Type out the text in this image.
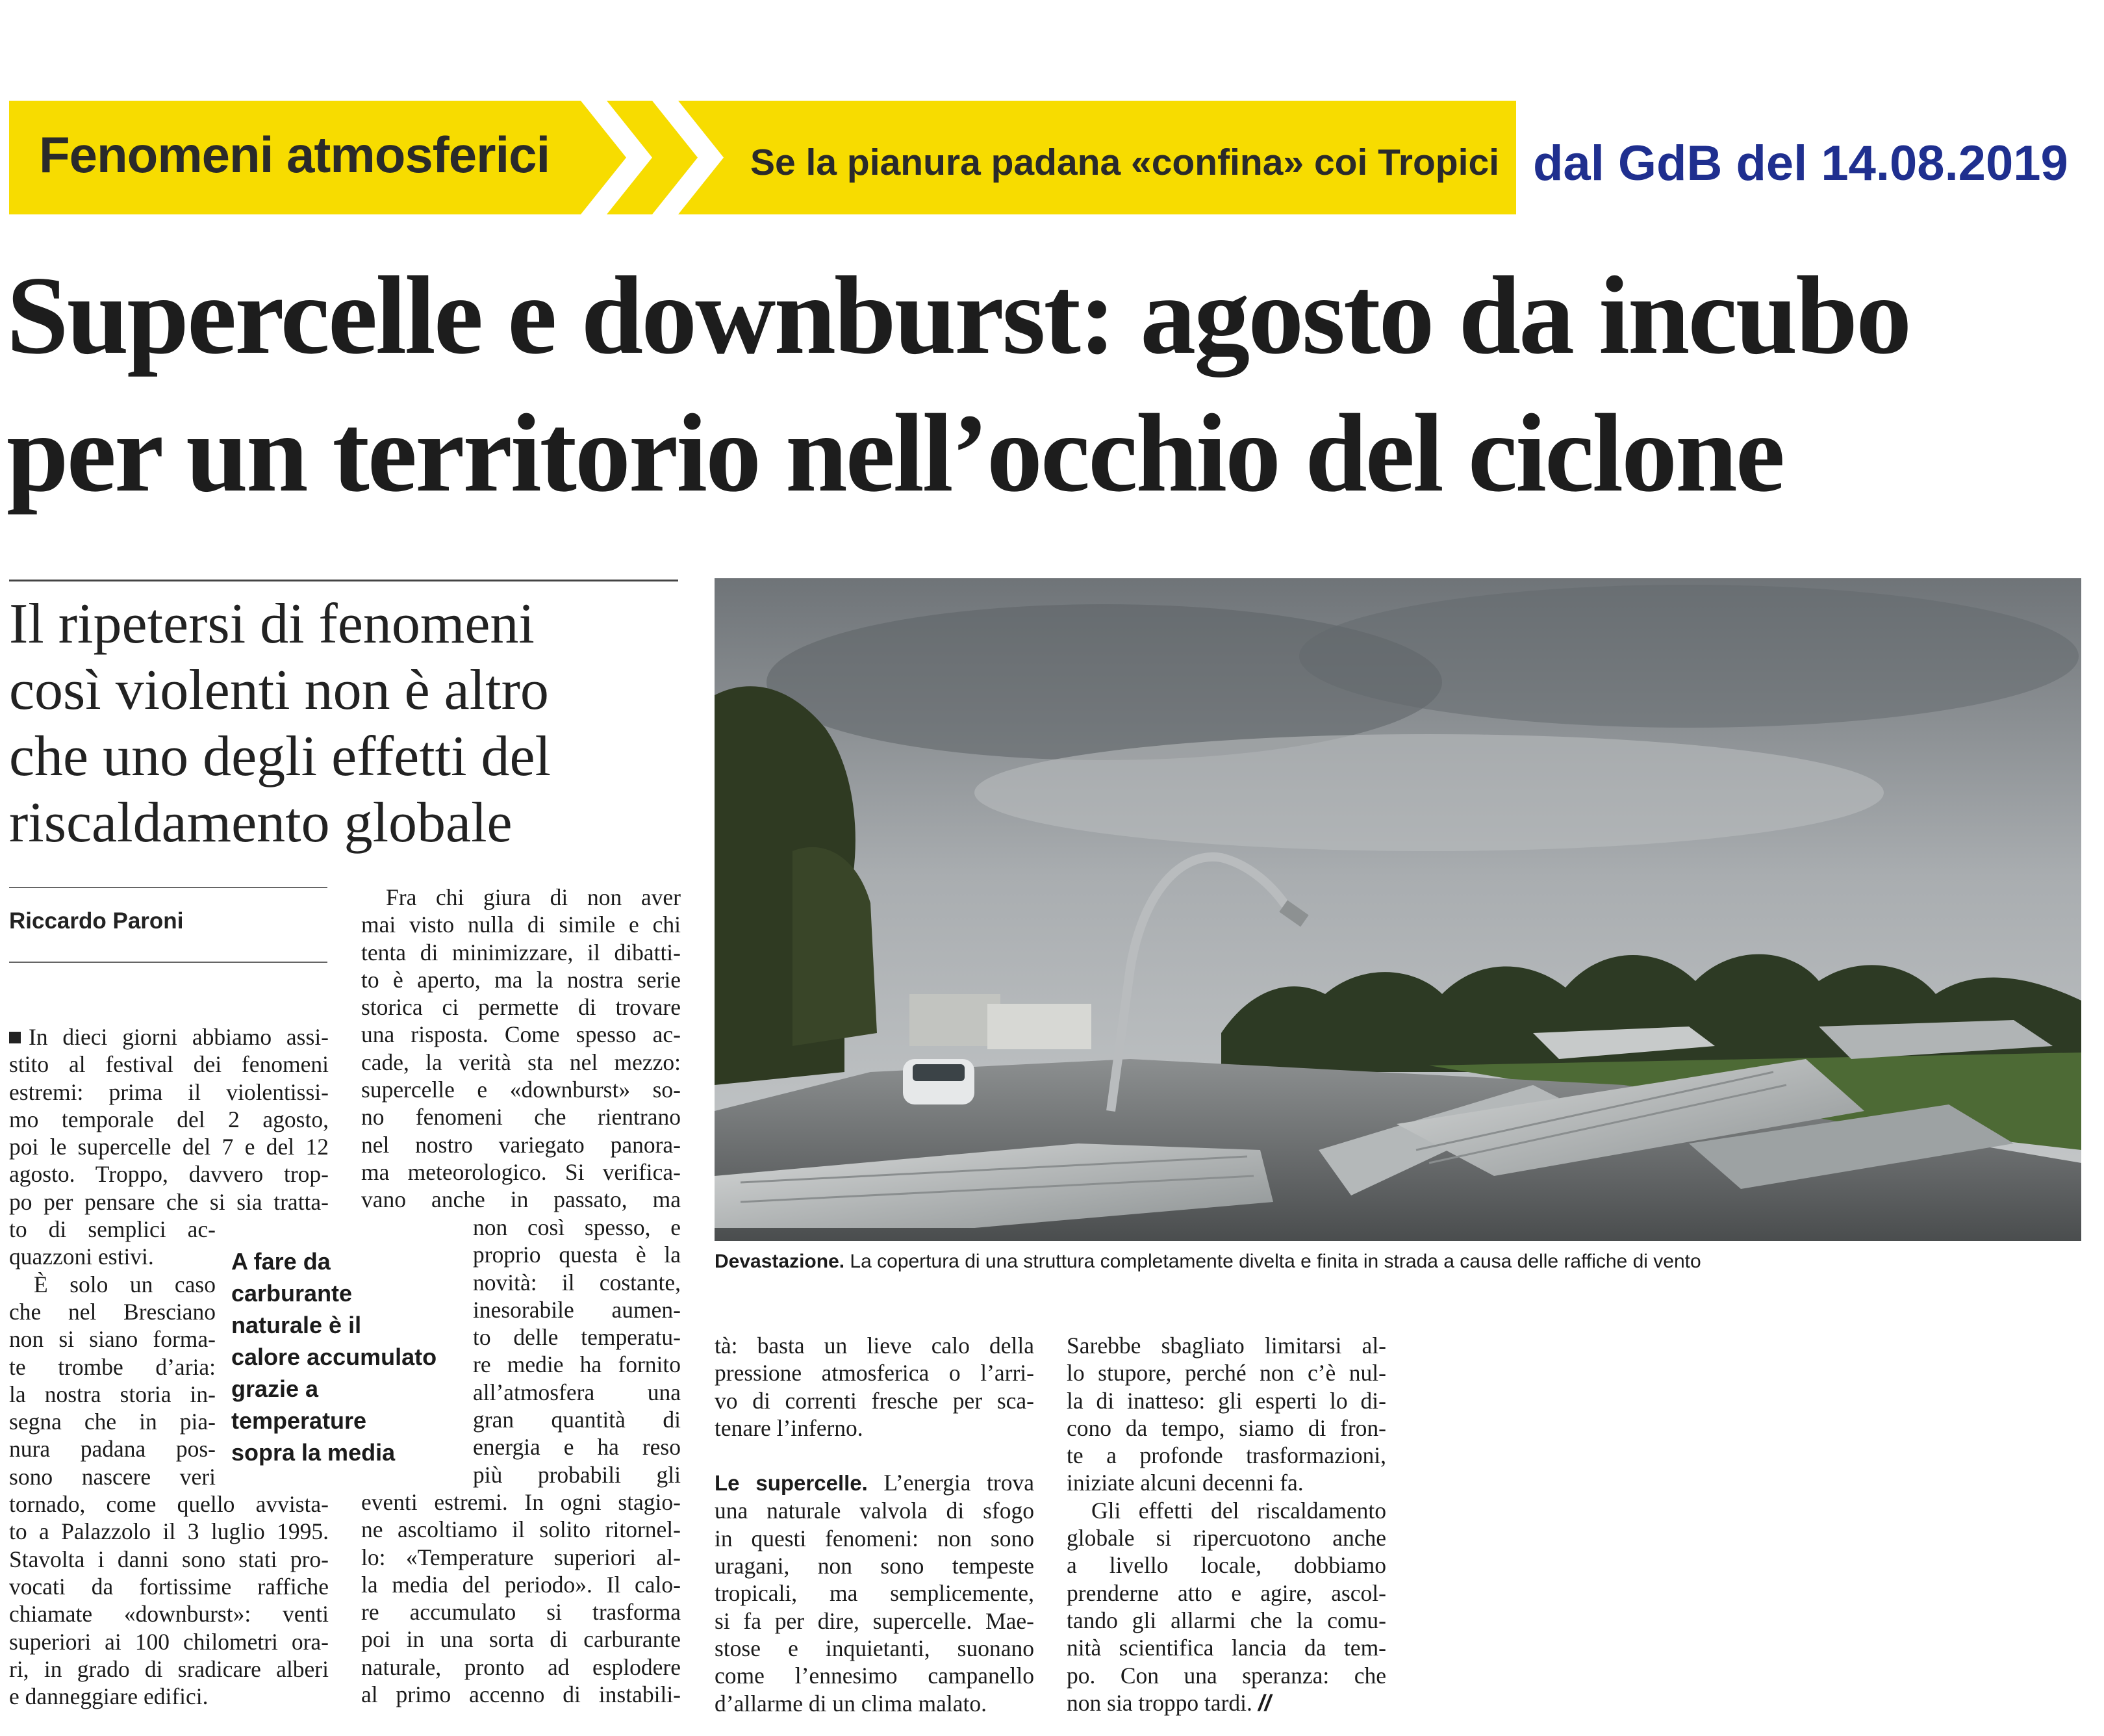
Fenomeni atmosferici	Se la pianura padana «confina» coi Tropici dal GdB del 14.08.2019
Supercelle e downburst: agosto da incubo
per un territorio nell’occhio del ciclone
Il ripetersi di fenomeni
così violenti non è altro
che uno degli effetti del
riscaldamento globale
Riccardo Paroni
In dieci giorni abbiamo assi-
stito al festival dei fenomeni
estremi: prima il violentissi-
mo temporale del 2 agosto,
poi le supercelle del 7 e del 12
agosto. Troppo, davvero trop-
po per pensare che si sia tratta-
to di semplici ac-
quazzoni estivi.
È solo un caso
che nel Bresciano
non si siano forma-
te trombe d’aria:
la nostra storia in-
segna che in pia-
nura padana pos-
sono nascere veri
tornado, come quello avvista-
to a Palazzolo il 3 luglio 1995.
Stavolta i danni sono stati pro-
vocati da fortissime raffiche
chiamate «downburst»: venti
superiori ai 100 chilometri ora-
ri, in grado di sradicare alberi
e danneggiare edifici.
A fare da
carburante
naturale è il
calore accumulato
grazie a
temperature
sopra la media
Fra chi giura di non aver
mai visto nulla di simile e chi
tenta di minimizzare, il dibatti-
to è aperto, ma la nostra serie
storica ci permette di trovare
una risposta. Come spesso ac-
cade, la verità sta nel mezzo:
supercelle e «downburst» so-
no fenomeni che rientrano
nel nostro variegato panora-
ma meteorologico. Si verifica-
vano anche in passato, ma
non così spesso, e
proprio questa è la
novità: il costante,
inesorabile aumen-
to delle temperatu-
re medie ha fornito
all’atmosfera una
gran quantità di
energia e ha reso
più probabili gli
eventi estremi. In ogni stagio-
ne ascoltiamo il solito ritornel-
lo: «Temperature superiori al-
la media del periodo». Il calo-
re accumulato si trasforma
poi in una sorta di carburante
naturale, pronto ad esplodere
al primo accenno di instabili-
Devastazione. La copertura di una struttura completamente divelta e finita in strada a causa delle raffiche di vento
tà: basta un lieve calo della
pressione atmosferica o l’arri-
vo di correnti fresche per sca-
tenare l’inferno.
Le supercelle. L’energia trova
una naturale valvola di sfogo
in questi fenomeni: non sono
uragani, non sono tempeste
tropicali, ma semplicemente,
si fa per dire, supercelle. Mae-
stose e inquietanti, suonano
come l’ennesimo campanello
d’allarme di un clima malato.
Sarebbe sbagliato limitarsi al-
lo stupore, perché non c’è nul-
la di inatteso: gli esperti lo di-
cono da tempo, siamo di fron-
te a profonde trasformazioni,
iniziate alcuni decenni fa.
Gli effetti del riscaldamento
globale si ripercuotono anche
a livello locale, dobbiamo
prenderne atto e agire, ascol-
tando gli allarmi che la comu-
nità scientifica lancia da tem-
po. Con una speranza: che
non sia troppo tardi. //
